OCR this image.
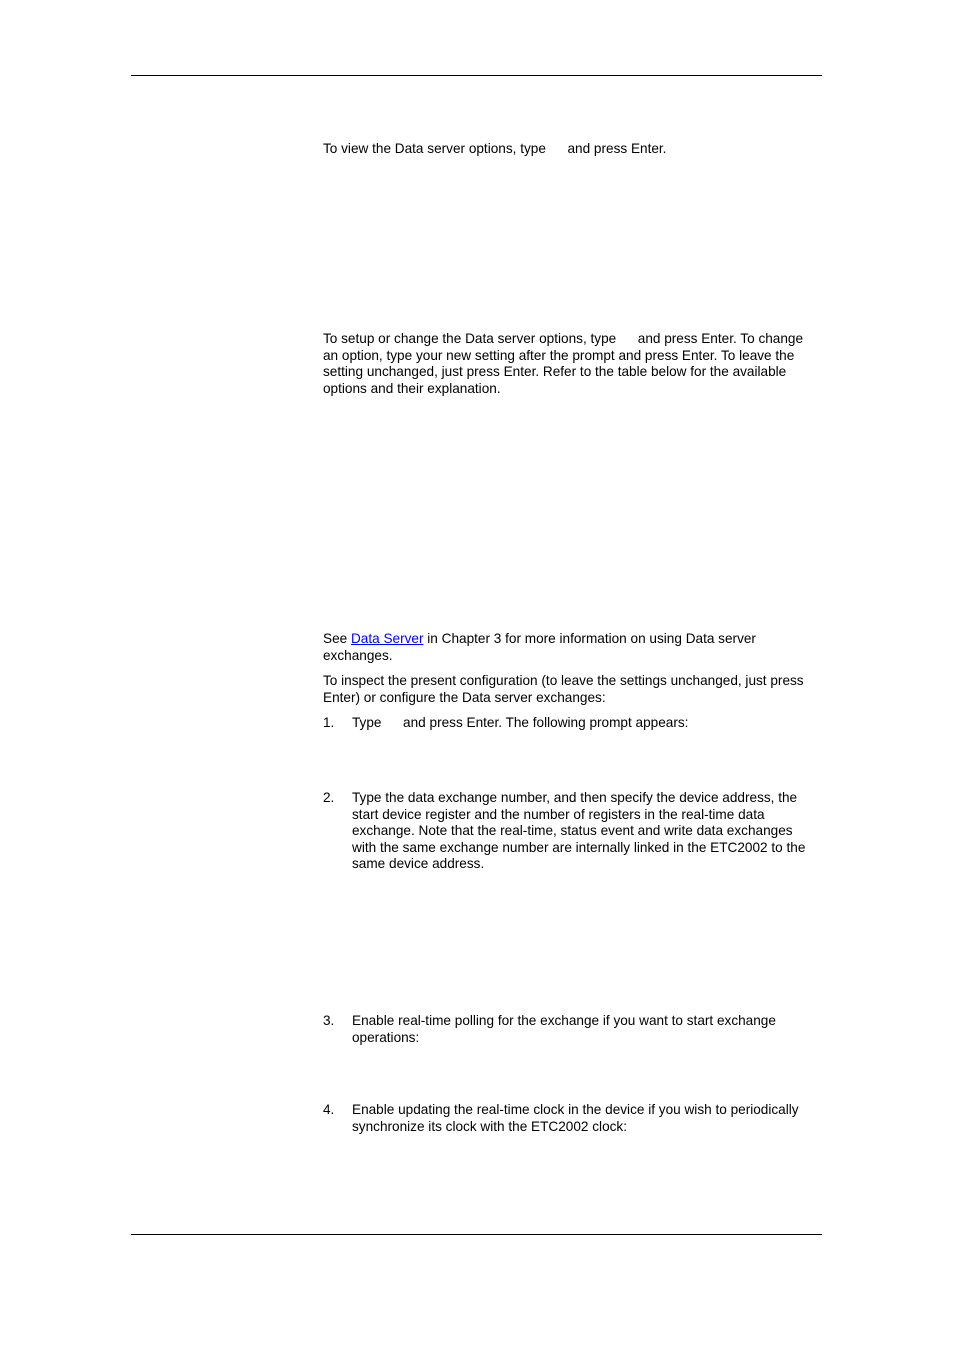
To view the Data server options, type and press Enter.

To setup or change the Data server options, type and press Enter. To change an option, type your new setting after the prompt and press Enter. To leave the setting unchanged, just press Enter. Refer to the table below for the available options and their explanation.

See Data Server in Chapter 3 for more information on using Data server exchanges.

To inspect the present configuration (to leave the settings unchanged, just press Enter) or configure the Data server exchanges:

1. Type and press Enter. The following prompt appears:
2. Type the data exchange number, and then specify the device address, the start device register and the number of registers in the real-time data exchange. Note that the real-time, status event and write data exchanges with the same exchange number are internally linked in the ETC2002 to the same device address.
3. Enable real-time polling for the exchange if you want to start exchange operations:
4. Enable updating the real-time clock in the device if you wish to periodically synchronize its clock with the ETC2002 clock:
